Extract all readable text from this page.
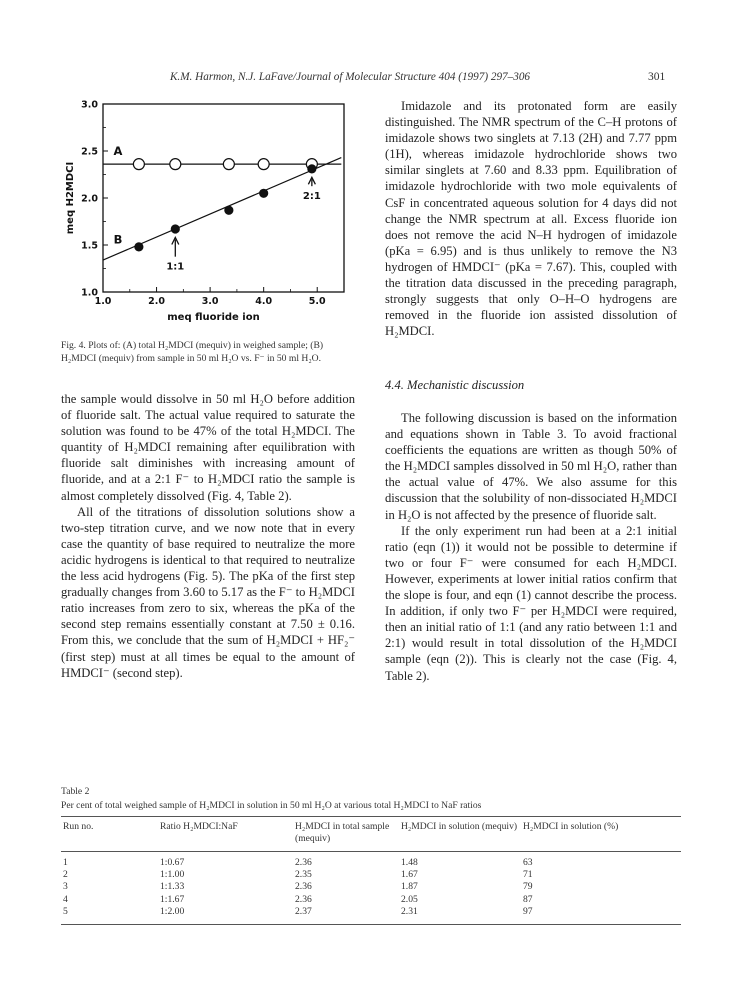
K.M. Harmon, N.J. LaFave/Journal of Molecular Structure 404 (1997) 297–306	301
1.0	2.0	3.0	4.0	5.0
1.0
1.5
2.0
2.5
3.0
meq fluoride ion
meq H2MDCI
A
B
1:1
2:1
Fig. 4. Plots of: (A) total H₂MDCI (mequiv) in weighed sample; (B)
H₂MDCI (mequiv) from sample in 50 ml H₂O vs. F⁻ in 50 ml H₂O.

the sample would dissolve in 50 ml H₂O before addition of fluoride salt. The actual value required to saturate the solution was found to be 47% of the total H₂MDCI. The quantity of H₂MDCI remaining after equilibration with fluoride salt diminishes with increasing amount of fluoride, and at a 2:1 F⁻ to H₂MDCI ratio the sample is almost completely dissolved (Fig. 4, Table 2).

All of the titrations of dissolution solutions show a two-step titration curve, and we now note that in every case the quantity of base required to neutralize the more acidic hydrogens is identical to that required to neutralize the less acid hydrogens (Fig. 5). The pKa of the first step gradually changes from 3.60 to 5.17 as the F⁻ to H₂MDCI ratio increases from zero to six, whereas the pKa of the second step remains essentially constant at 7.50 ± 0.16. From this, we conclude that the sum of H₂MDCI + HF₂⁻ (first step) must at all times be equal to the amount of HMDCI⁻ (second step).

Imidazole and its protonated form are easily distinguished. The NMR spectrum of the C–H protons of imidazole shows two singlets at 7.13 (2H) and 7.77 ppm (1H), whereas imidazole hydrochloride shows two similar singlets at 7.60 and 8.33 ppm. Equilibration of imidazole hydrochloride with two mole equivalents of CsF in concentrated aqueous solution for 4 days did not change the NMR spectrum at all. Excess fluoride ion does not remove the acid N–H hydrogen of imidazole (pKa = 6.95) and is thus unlikely to remove the N3 hydrogen of HMDCI⁻ (pKa = 7.67). This, coupled with the titration data discussed in the preceding paragraph, strongly suggests that only O–H–O hydrogens are removed in the fluoride ion assisted dissolution of H₂MDCI.

4.4. Mechanistic discussion

The following discussion is based on the information and equations shown in Table 3. To avoid fractional coefficients the equations are written as though 50% of the H₂MDCI samples dissolved in 50 ml H₂O, rather than the actual value of 47%. We also assume for this discussion that the solubility of non-dissociated H₂MDCI in H₂O is not affected by the presence of fluoride salt.

If the only experiment run had been at a 2:1 initial ratio (eqn (1)) it would not be possible to determine if two or four F⁻ were consumed for each H₂MDCI. However, experiments at lower initial ratios confirm that the slope is four, and eqn (1) cannot describe the process. In addition, if only two F⁻ per H₂MDCI were required, then an initial ratio of 1:1 (and any ratio between 1:1 and 2:1) would result in total dissolution of the H₂MDCI sample (eqn (2)). This is clearly not the case (Fig. 4, Table 2).

Table 2
Per cent of total weighed sample of H₂MDCI in solution in 50 ml H₂O at various total H₂MDCI to NaF ratios
Run no.	Ratio H₂MDCI:NaF	H₂MDCI in total sample (mequiv)	H₂MDCI in solution (mequiv)	H₂MDCI in solution (%)
1	1:0.67	2.36	1.48	63
2	1:1.00	2.35	1.67	71
3	1:1.33	2.36	1.87	79
4	1:1.67	2.36	2.05	87
5	1:2.00	2.37	2.31	97
